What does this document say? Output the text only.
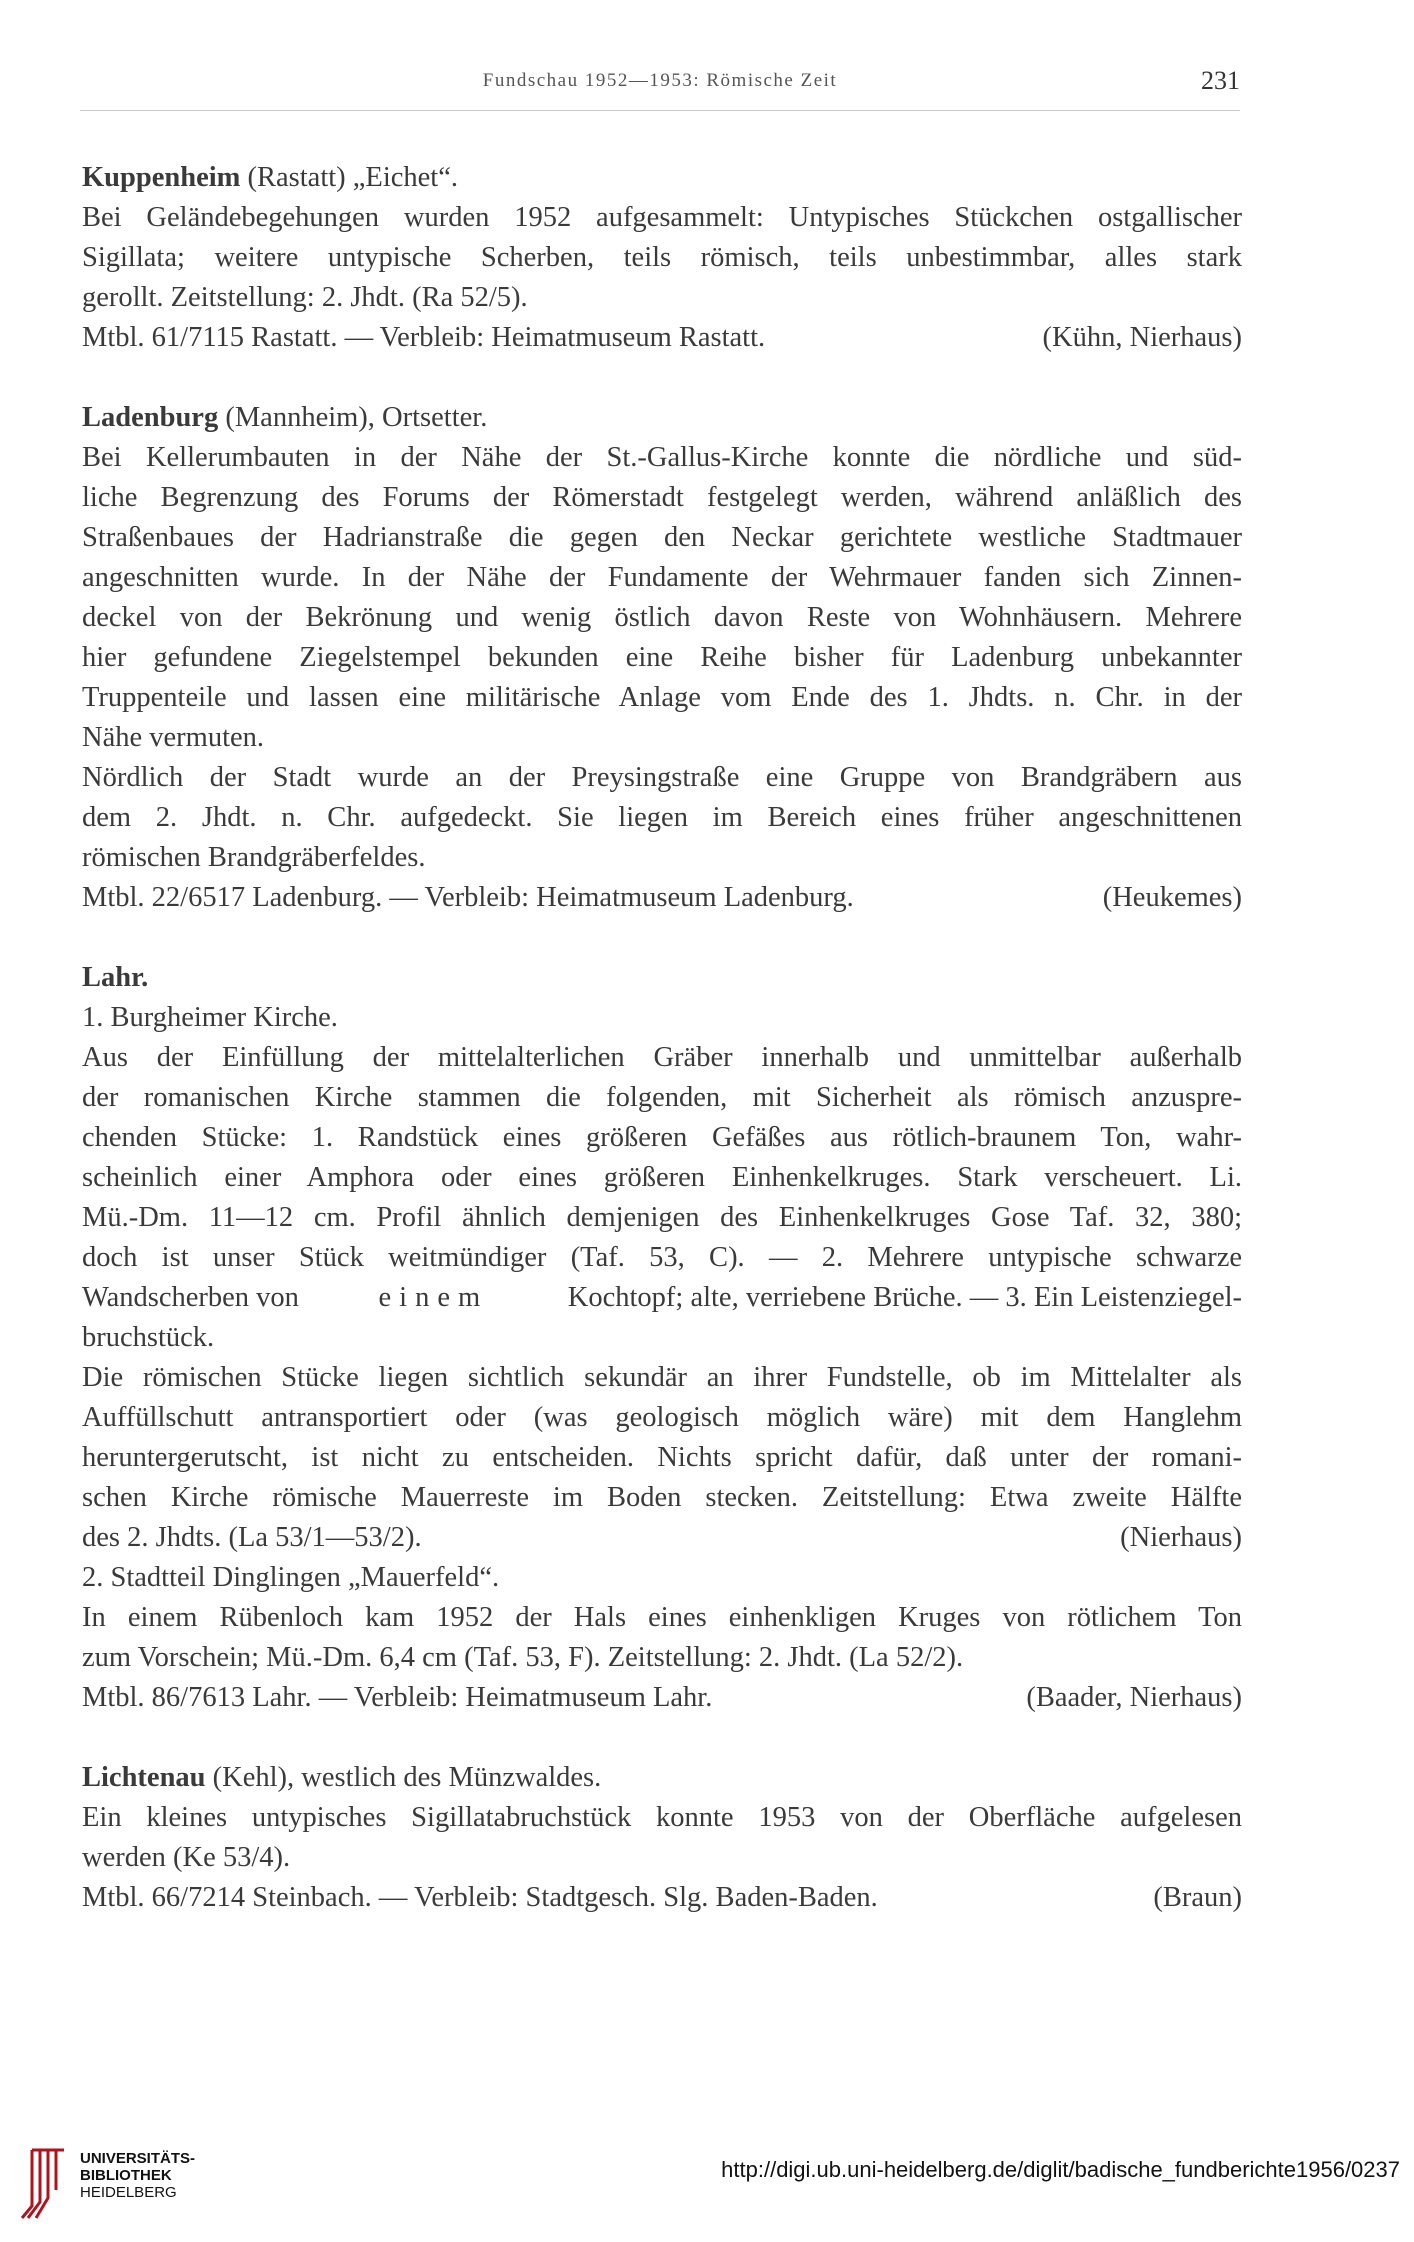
Fundschau 1952—1953: Römische Zeit	231
Kuppenheim (Rastatt) „Eichet“.
Bei Geländebegehungen wurden 1952 aufgesammelt: Untypisches Stückchen ostgallischer
Sigillata; weitere untypische Scherben, teils römisch, teils unbestimmbar, alles stark
gerollt. Zeitstellung: 2. Jhdt. (Ra 52/5).
Mtbl. 61/7115 Rastatt. — Verbleib: Heimatmuseum Rastatt.	(Kühn, Nierhaus)
Ladenburg (Mannheim), Ortsetter.
Bei Kellerumbauten in der Nähe der St.-Gallus-Kirche konnte die nördliche und süd-
liche Begrenzung des Forums der Römerstadt festgelegt werden, während anläßlich des
Straßenbaues der Hadrianstraße die gegen den Neckar gerichtete westliche Stadtmauer
angeschnitten wurde. In der Nähe der Fundamente der Wehrmauer fanden sich Zinnen-
deckel von der Bekrönung und wenig östlich davon Reste von Wohnhäusern. Mehrere
hier gefundene Ziegelstempel bekunden eine Reihe bisher für Ladenburg unbekannter
Truppenteile und lassen eine militärische Anlage vom Ende des 1. Jhdts. n. Chr. in der
Nähe vermuten.
Nördlich der Stadt wurde an der Preysingstraße eine Gruppe von Brandgräbern aus
dem 2. Jhdt. n. Chr. aufgedeckt. Sie liegen im Bereich eines früher angeschnittenen
römischen Brandgräberfeldes.
Mtbl. 22/6517 Ladenburg. — Verbleib: Heimatmuseum Ladenburg.	(Heukemes)
Lahr.
1. Burgheimer Kirche.
Aus der Einfüllung der mittelalterlichen Gräber innerhalb und unmittelbar außerhalb
der romanischen Kirche stammen die folgenden, mit Sicherheit als römisch anzuspre-
chenden Stücke: 1. Randstück eines größeren Gefäßes aus rötlich-braunem Ton, wahr-
scheinlich einer Amphora oder eines größeren Einhenkelkruges. Stark verscheuert. Li.
Mü.-Dm. 11—12 cm. Profil ähnlich demjenigen des Einhenkelkruges Gose Taf. 32, 380;
doch ist unser Stück weitmündiger (Taf. 53, C). — 2. Mehrere untypische schwarze
Wandscherben von	einem	Kochtopf; alte, verriebene Brüche. — 3. Ein Leistenziegel-
bruchstück.
Die römischen Stücke liegen sichtlich sekundär an ihrer Fundstelle, ob im Mittelalter als
Auffüllschutt antransportiert oder (was geologisch möglich wäre) mit dem Hanglehm
heruntergerutscht, ist nicht zu entscheiden. Nichts spricht dafür, daß unter der romani-
schen Kirche römische Mauerreste im Boden stecken. Zeitstellung: Etwa zweite Hälfte
des 2. Jhdts. (La 53/1—53/2).	(Nierhaus)
2. Stadtteil Dinglingen „Mauerfeld“.
In einem Rübenloch kam 1952 der Hals eines einhenkligen Kruges von rötlichem Ton
zum Vorschein; Mü.-Dm. 6,4 cm (Taf. 53, F). Zeitstellung: 2. Jhdt. (La 52/2).
Mtbl. 86/7613 Lahr. — Verbleib: Heimatmuseum Lahr.	(Baader, Nierhaus)
Lichtenau (Kehl), westlich des Münzwaldes.
Ein kleines untypisches Sigillatabruchstück konnte 1953 von der Oberfläche aufgelesen
werden (Ke 53/4).
Mtbl. 66/7214 Steinbach. — Verbleib: Stadtgesch. Slg. Baden-Baden.	(Braun)
UNIVERSITÄTS-
BIBLIOTHEK
HEIDELBERG
http://digi.ub.uni-heidelberg.de/diglit/badische_fundberichte1956/0237
